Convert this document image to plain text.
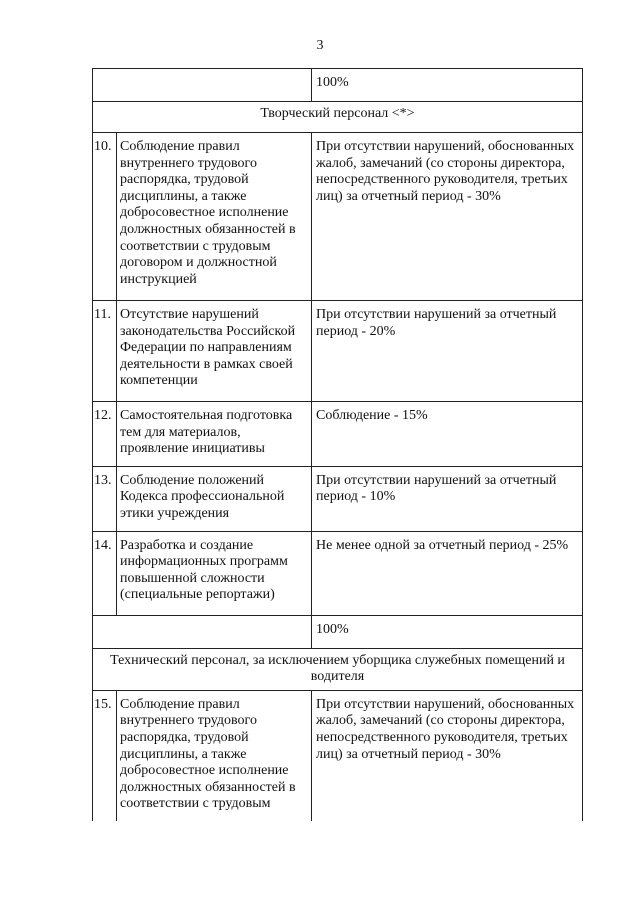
3
		100%
Творческий персонал <*>		
10.	Соблюдение правил внутреннего трудового распорядка, трудовой дисциплины, а также добросовестное исполнение должностных обязанностей в соответствии с трудовым договором и должностной инструкцией	При отсутствии нарушений, обоснованных жалоб, замечаний (со стороны директора, непосредственного руководителя, третьих лиц) за отчетный период - 30%
11.	Отсутствие нарушений законодательства Российской Федерации по направлениям деятельности в рамках своей компетенции	При отсутствии нарушений за отчетный период - 20%
12.	Самостоятельная подготовка тем для материалов, проявление инициативы	Соблюдение - 15%
13.	Соблюдение положений Кодекса профессиональной этики учреждения	При отсутствии нарушений за отчетный период - 10%
14.	Разработка и создание информационных программ повышенной сложности (специальные репортажи)	Не менее одной за отчетный период - 25%
		100%
Технический персонал, за исключением уборщика служебных помещений и водителя		
15.	Соблюдение правил внутреннего трудового распорядка, трудовой дисциплины, а также добросовестное исполнение должностных обязанностей в соответствии с трудовым	При отсутствии нарушений, обоснованных жалоб, замечаний (со стороны директора, непосредственного руководителя, третьих лиц) за отчетный период - 30%
